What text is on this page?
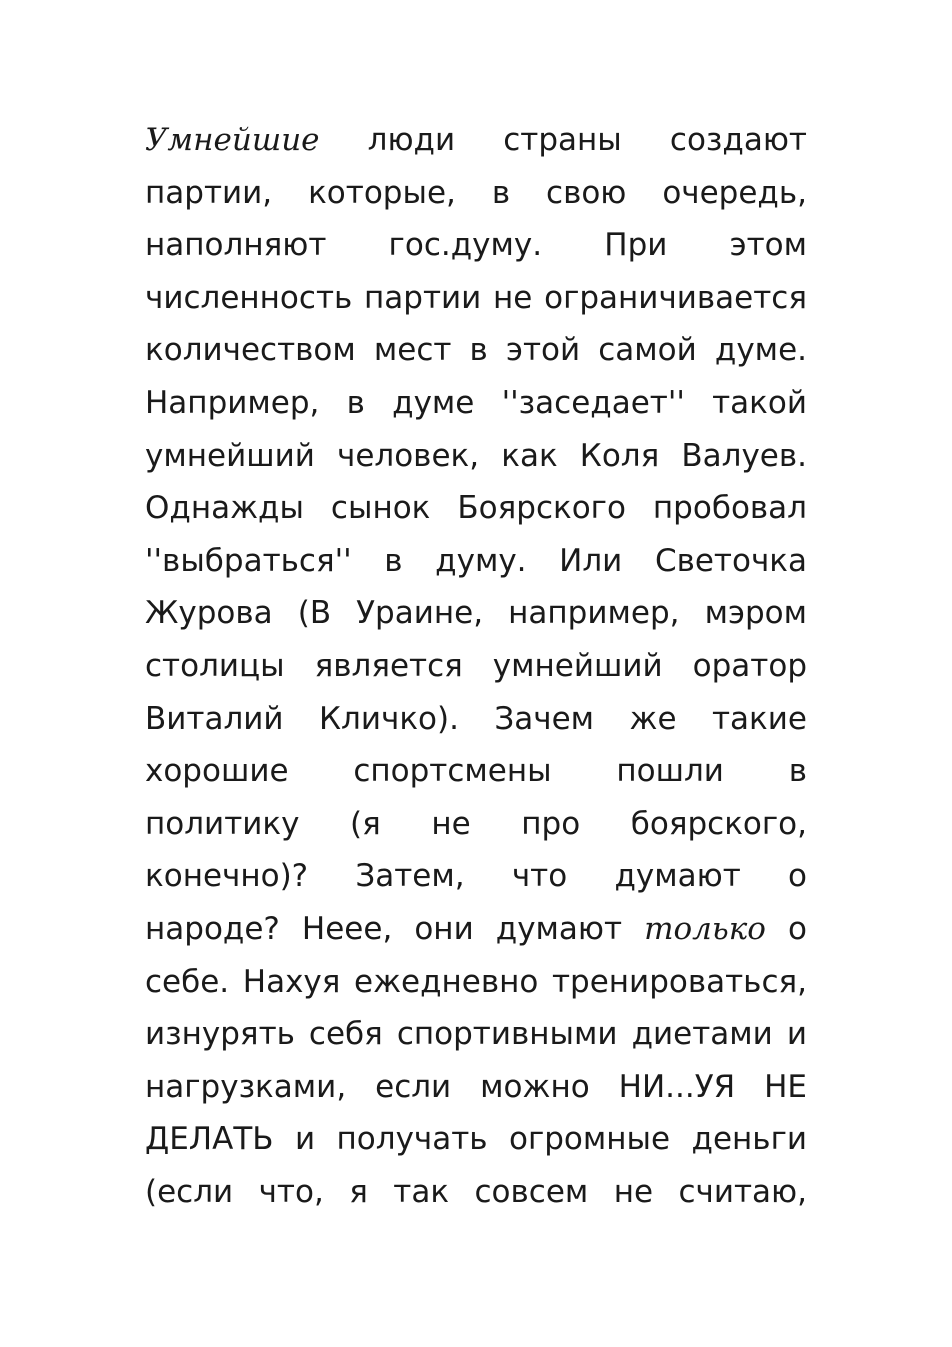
Умнейшие люди страны создают
партии, которые, в свою очередь,
наполняют гос.думу. При этом
численность партии не ограничивается
количеством мест в этой самой думе.
Например, в думе ''заседает'' такой
умнейший человек, как Коля Валуев.
Однажды сынок Боярского пробовал
''выбраться'' в думу. Или Светочка
Журова (В Ураине, например, мэром
столицы является умнейший оратор
Виталий Кличко). Зачем же такие
хорошие спортсмены пошли в
политику (я не про боярского,
конечно)? Затем, что думают о
народе? Нееe, они думают только о
себе. Нахуя ежедневно тренироваться,
изнурять себя спортивными диетами и
нагрузками, если можно НИ...УЯ НЕ
ДЕЛАТЬ и получать огромные деньги
(если что, я так совсем не считаю,
